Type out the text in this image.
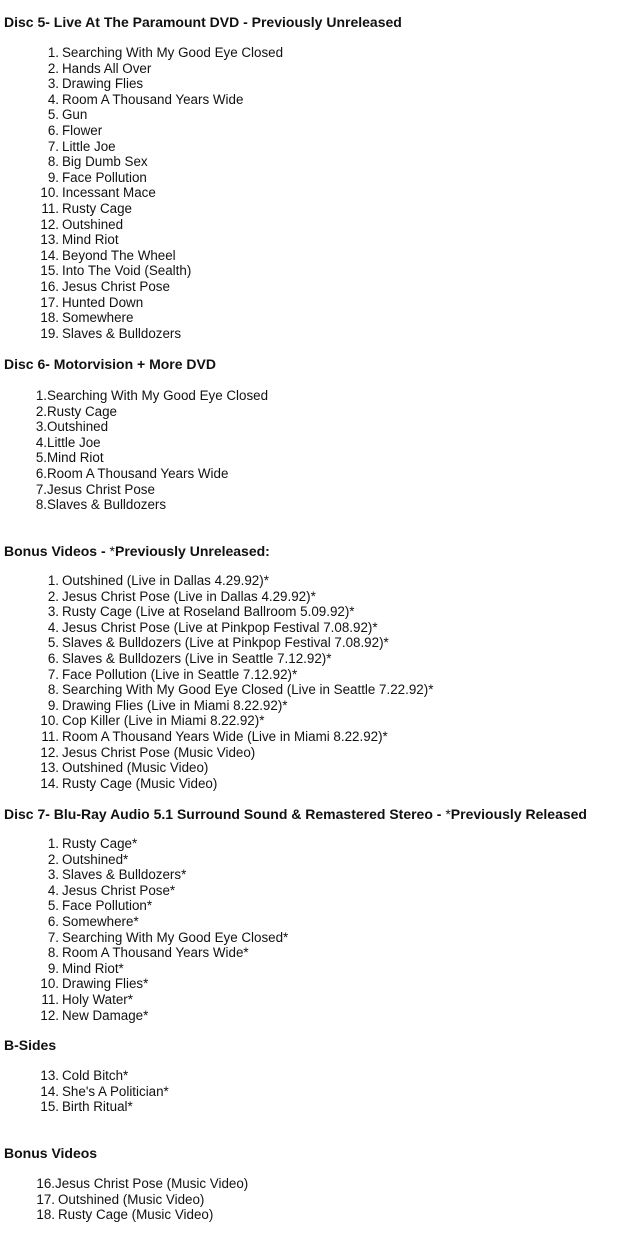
Disc 5- Live At The Paramount DVD - Previously Unreleased
1. Searching With My Good Eye Closed
2. Hands All Over
3. Drawing Flies
4. Room A Thousand Years Wide
5. Gun
6. Flower
7. Little Joe
8. Big Dumb Sex
9. Face Pollution
10. Incessant Mace
11. Rusty Cage
12. Outshined
13. Mind Riot
14. Beyond The Wheel
15. Into The Void (Sealth)
16. Jesus Christ Pose
17. Hunted Down
18. Somewhere
19. Slaves & Bulldozers
Disc 6- Motorvision + More DVD
1. Searching With My Good Eye Closed
2. Rusty Cage
3. Outshined
4. Little Joe
5. Mind Riot
6. Room A Thousand Years Wide
7. Jesus Christ Pose
8. Slaves & Bulldozers
Bonus Videos - *Previously Unreleased:
1. Outshined (Live in Dallas 4.29.92)*
2. Jesus Christ Pose (Live in Dallas 4.29.92)*
3. Rusty Cage (Live at Roseland Ballroom 5.09.92)*
4. Jesus Christ Pose (Live at Pinkpop Festival 7.08.92)*
5. Slaves & Bulldozers (Live at Pinkpop Festival 7.08.92)*
6. Slaves & Bulldozers (Live in Seattle 7.12.92)*
7. Face Pollution (Live in Seattle 7.12.92)*
8. Searching With My Good Eye Closed (Live in Seattle 7.22.92)*
9. Drawing Flies (Live in Miami 8.22.92)*
10. Cop Killer (Live in Miami 8.22.92)*
11. Room A Thousand Years Wide (Live in Miami 8.22.92)*
12. Jesus Christ Pose (Music Video)
13. Outshined (Music Video)
14. Rusty Cage (Music Video)
Disc 7- Blu-Ray Audio 5.1 Surround Sound & Remastered Stereo - *Previously Released
1. Rusty Cage*
2. Outshined*
3. Slaves & Bulldozers*
4. Jesus Christ Pose*
5. Face Pollution*
6. Somewhere*
7. Searching With My Good Eye Closed*
8. Room A Thousand Years Wide*
9. Mind Riot*
10. Drawing Flies*
11. Holy Water*
12. New Damage*
B-Sides
13. Cold Bitch*
14. She's A Politician*
15. Birth Ritual*
Bonus Videos
16. Jesus Christ Pose (Music Video)
17. Outshined (Music Video)
18. Rusty Cage (Music Video)
